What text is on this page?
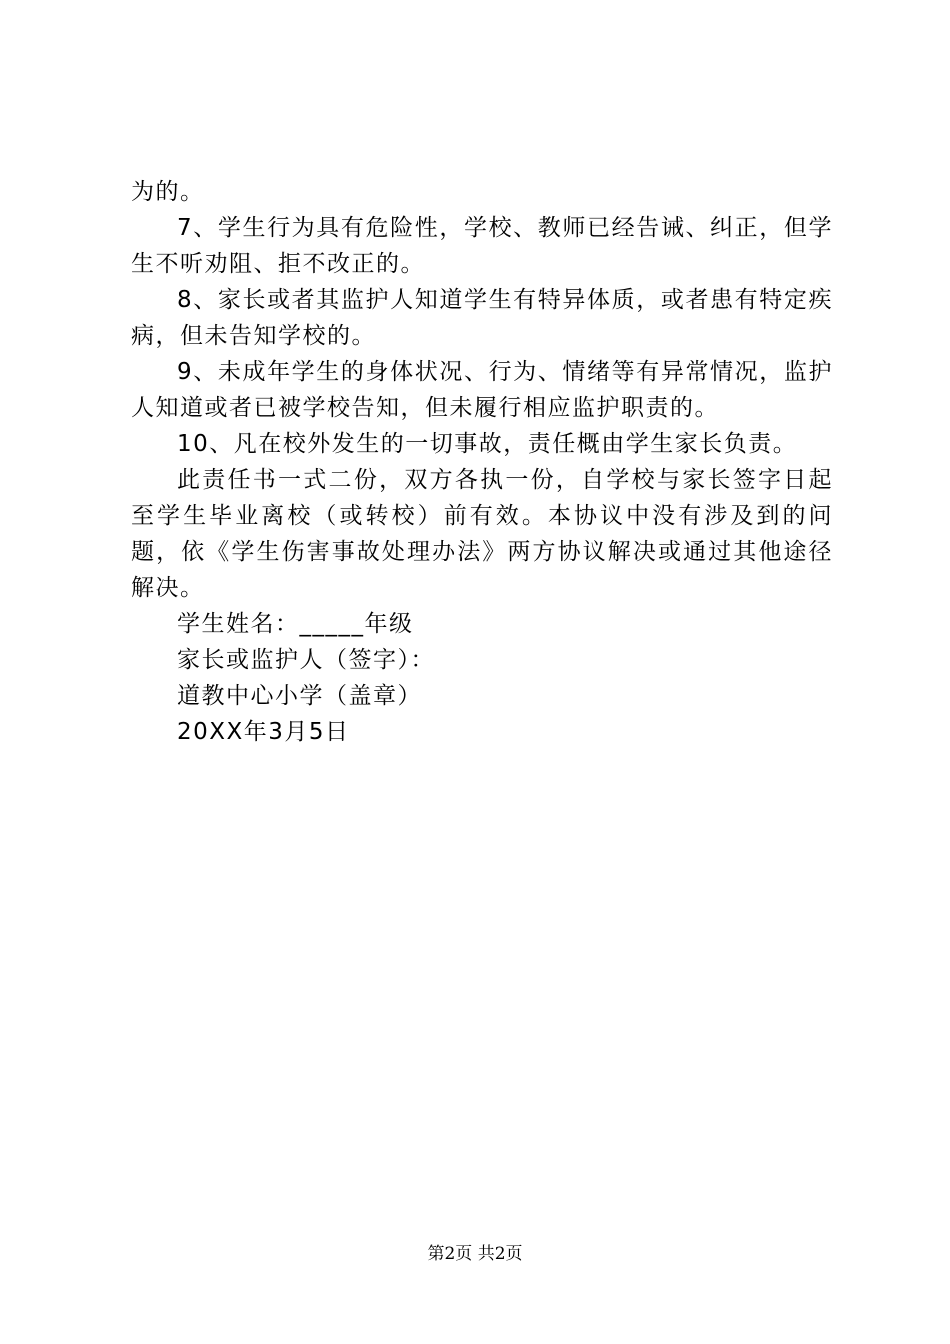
为的。

7、学生行为具有危险性，学校、教师已经告诫、纠正，但学生不听劝阻、拒不改正的。

8、家长或者其监护人知道学生有特异体质，或者患有特定疾病，但未告知学校的。

9、未成年学生的身体状况、行为、情绪等有异常情况，监护人知道或者已被学校告知，但未履行相应监护职责的。

10、凡在校外发生的一切事故，责任概由学生家长负责。

此责任书一式二份，双方各执一份，自学校与家长签字日起至学生毕业离校（或转校）前有效。本协议中没有涉及到的问题，依《学生伤害事故处理办法》两方协议解决或通过其他途径解决。

学生姓名：_____年级

家长或监护人（签字）：

道教中心小学（盖章）

20XX年3月5日

第2页 共2页
